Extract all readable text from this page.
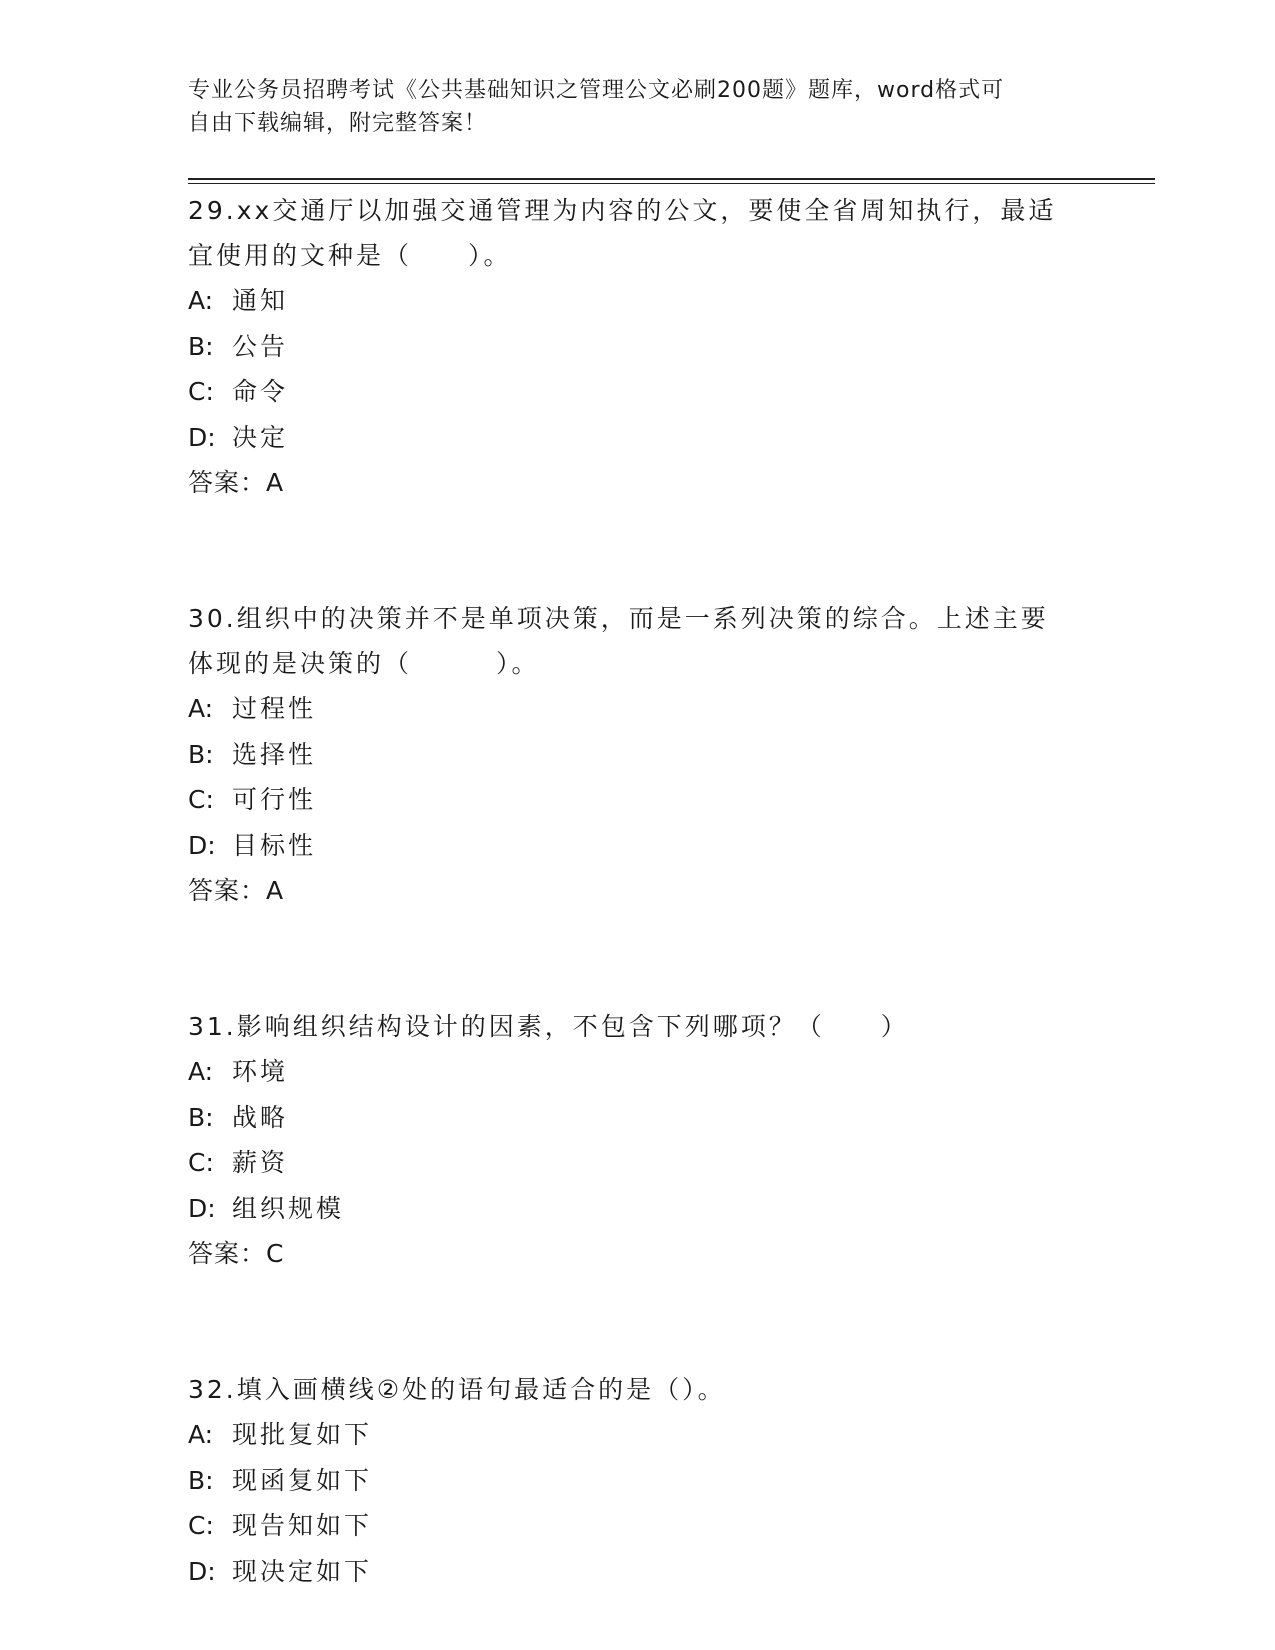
专业公务员招聘考试《公共基础知识之管理公文必刷200题》题库，word格式可
自由下载编辑，附完整答案！
29.xx交通厅以加强交通管理为内容的公文，要使全省周知执行，最适
宜使用的文种是（　　）。
A: 通知
B: 公告
C: 命令
D: 决定
答案：A
30.组织中的决策并不是单项决策，而是一系列决策的综合。上述主要
体现的是决策的（　　　）。
A: 过程性
B: 选择性
C: 可行性
D: 目标性
答案：A
31.影响组织结构设计的因素，不包含下列哪项？（　　）
A: 环境
B: 战略
C: 薪资
D: 组织规模
答案：C
32.填入画横线②处的语句最适合的是（）。
A: 现批复如下
B: 现函复如下
C: 现告知如下
D: 现决定如下
